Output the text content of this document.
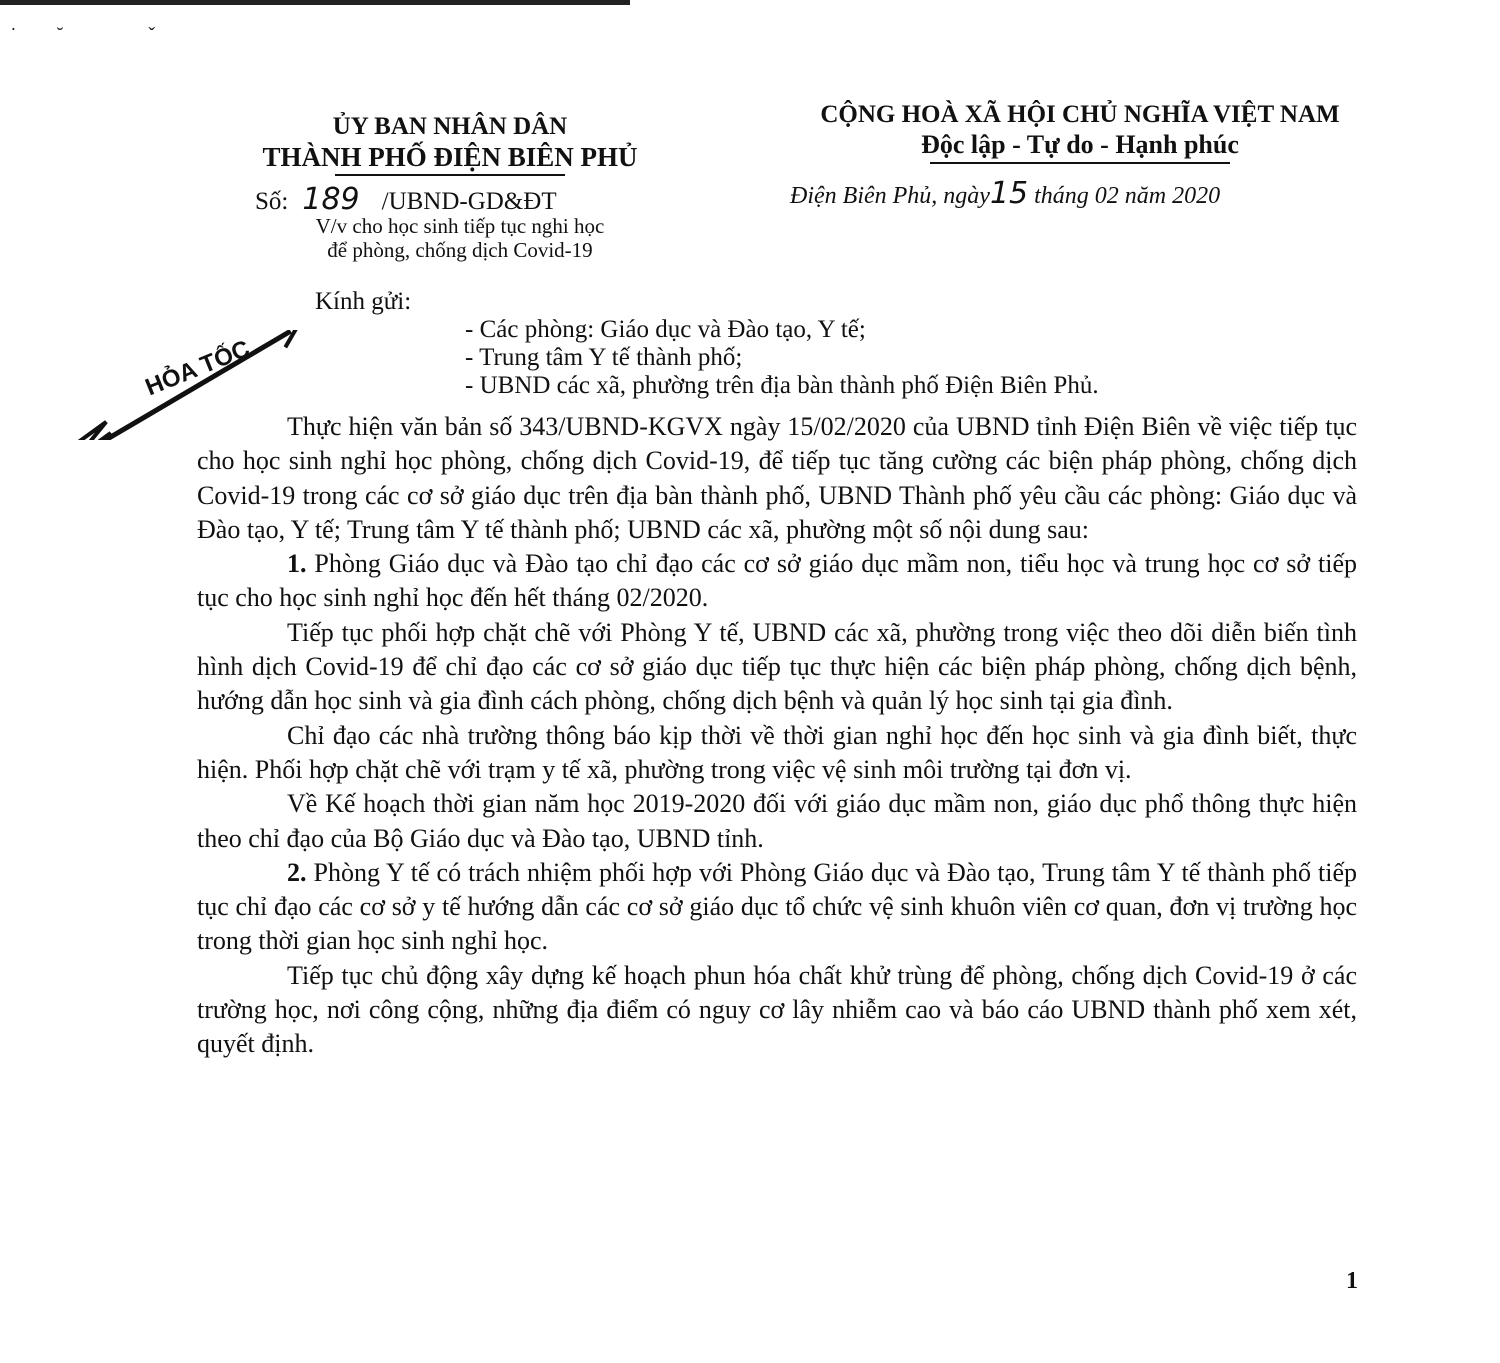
˙˘ ˇ
ỦY BAN NHÂN DÂN
THÀNH PHỐ ĐIỆN BIÊN PHỦ
CỘNG HOÀ XÃ HỘI CHỦ NGHĨA VIỆT NAM
Độc lập - Tự do - Hạnh phúc
Số: 189 /UBND-GD&ĐT
V/v cho học sinh tiếp tục nghi học
để phòng, chống dịch Covid-19
Điện Biên Phủ, ngày15 tháng 02 năm 2020
HỎA TỐC
Kính gửi:
- Các phòng: Giáo dục và Đào tạo, Y tế;
- Trung tâm Y tế thành phố;
- UBND các xã, phường trên địa bàn thành phố Điện Biên Phủ.

Thực hiện văn bản số 343/UBND-KGVX ngày 15/02/2020 của UBND tỉnh Điện Biên về việc tiếp tục cho học sinh nghỉ học phòng, chống dịch Covid-19, để tiếp tục tăng cường các biện pháp phòng, chống dịch Covid-19 trong các cơ sở giáo dục trên địa bàn thành phố, UBND Thành phố yêu cầu các phòng: Giáo dục và Đào tạo, Y tế; Trung tâm Y tế thành phố; UBND các xã, phường một số nội dung sau:

1. Phòng Giáo dục và Đào tạo chỉ đạo các cơ sở giáo dục mầm non, tiểu học và trung học cơ sở tiếp tục cho học sinh nghỉ học đến hết tháng 02/2020.

Tiếp tục phối hợp chặt chẽ với Phòng Y tế, UBND các xã, phường trong việc theo dõi diễn biến tình hình dịch Covid-19 để chỉ đạo các cơ sở giáo dục tiếp tục thực hiện các biện pháp phòng, chống dịch bệnh, hướng dẫn học sinh và gia đình cách phòng, chống dịch bệnh và quản lý học sinh tại gia đình.

Chỉ đạo các nhà trường thông báo kịp thời về thời gian nghỉ học đến học sinh và gia đình biết, thực hiện. Phối hợp chặt chẽ với trạm y tế xã, phường trong việc vệ sinh môi trường tại đơn vị.

Về Kế hoạch thời gian năm học 2019-2020 đối với giáo dục mầm non, giáo dục phổ thông thực hiện theo chỉ đạo của Bộ Giáo dục và Đào tạo, UBND tỉnh.

2. Phòng Y tế có trách nhiệm phối hợp với Phòng Giáo dục và Đào tạo, Trung tâm Y tế thành phố tiếp tục chỉ đạo các cơ sở y tế hướng dẫn các cơ sở giáo dục tổ chức vệ sinh khuôn viên cơ quan, đơn vị trường học trong thời gian học sinh nghỉ học.

Tiếp tục chủ động xây dựng kế hoạch phun hóa chất khử trùng để phòng, chống dịch Covid-19 ở các trường học, nơi công cộng, những địa điểm có nguy cơ lây nhiễm cao và báo cáo UBND thành phố xem xét, quyết định.

1
